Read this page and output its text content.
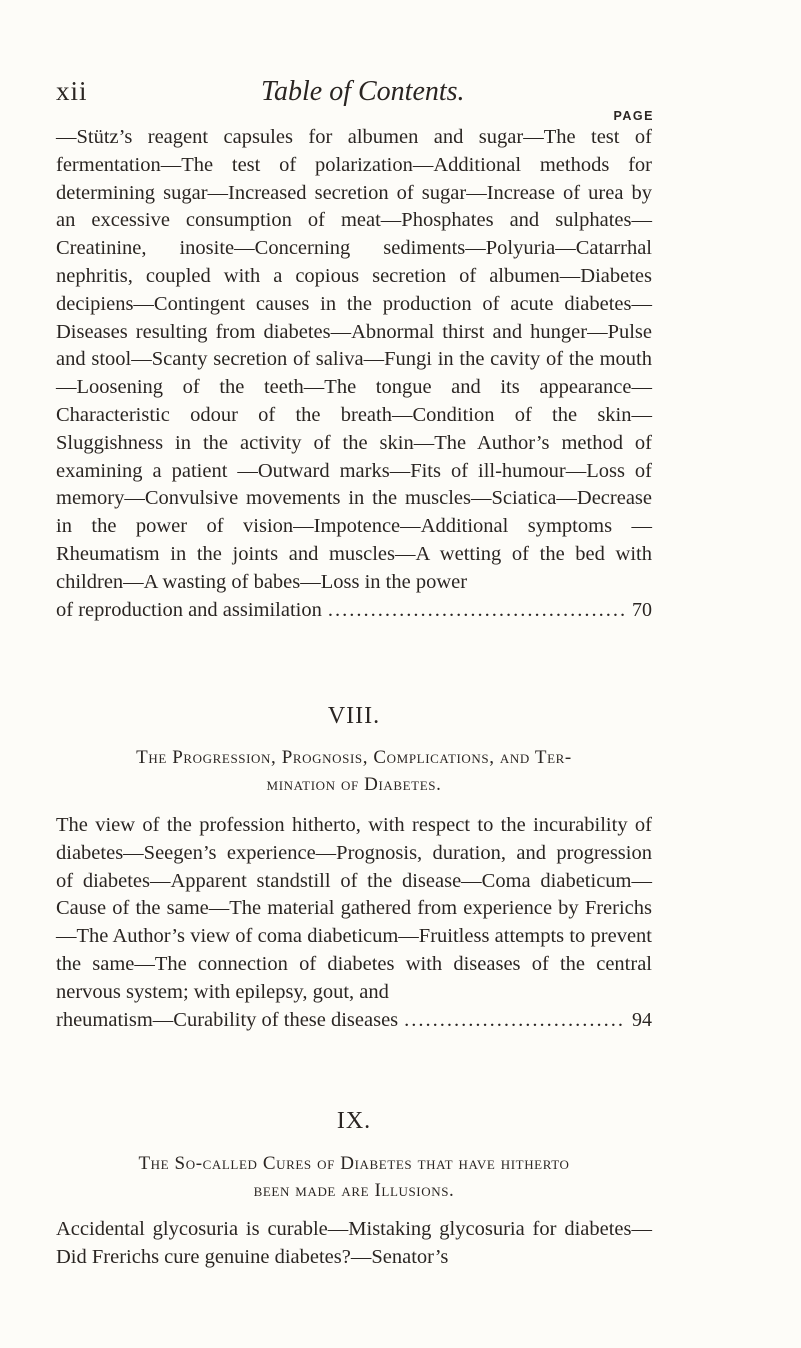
xii	Table of Contents.
PAGE
—Stütz’s reagent capsules for albumen and sugar—The test of fermentation—The test of polarization—Additional methods for determining sugar—Increased secretion of sugar—Increase of urea by an excessive consumption of meat—Phosphates and sulphates—Creatinine, inosite—Concerning sediments—Polyuria—Catarrhal nephritis, coupled with a copious secretion of albumen—Diabetes decipiens—Contingent causes in the production of acute diabetes—Diseases resulting from diabetes—Abnormal thirst and hunger—Pulse and stool—Scanty secretion of saliva—Fungi in the cavity of the mouth—Loosening of the teeth—The tongue and its appearance—Characteristic odour of the breath—Condition of the skin—Sluggishness in the activity of the skin—The Author’s method of examining a patient —Outward marks—Fits of ill-humour—Loss of memory—Convulsive movements in the muscles—Sciatica—Decrease in the power of vision—Impotence—Additional symptoms —Rheumatism in the joints and muscles—A wetting of the bed with children—A wasting of babes—Loss in the power
of reproduction and assimilation .....	70
VIII.
The Progression, Prognosis, Complications, and Ter-
mination of Diabetes.
The view of the profession hitherto, with respect to the incurability of diabetes—Seegen’s experience—Prognosis, duration, and progression of diabetes—Apparent standstill of the disease—Coma diabeticum—Cause of the same—The material gathered from experience by Frerichs—The Author’s view of coma diabeticum—Fruitless attempts to prevent the same—The connection of diabetes with diseases of the central nervous system; with epilepsy, gout, and
rheumatism—Curability of these diseases .....	94
IX.
The So-called Cures of Diabetes that have hitherto
been made are Illusions.
Accidental glycosuria is curable—Mistaking glycosuria for diabetes—Did Frerichs cure genuine diabetes?—Senator’s
